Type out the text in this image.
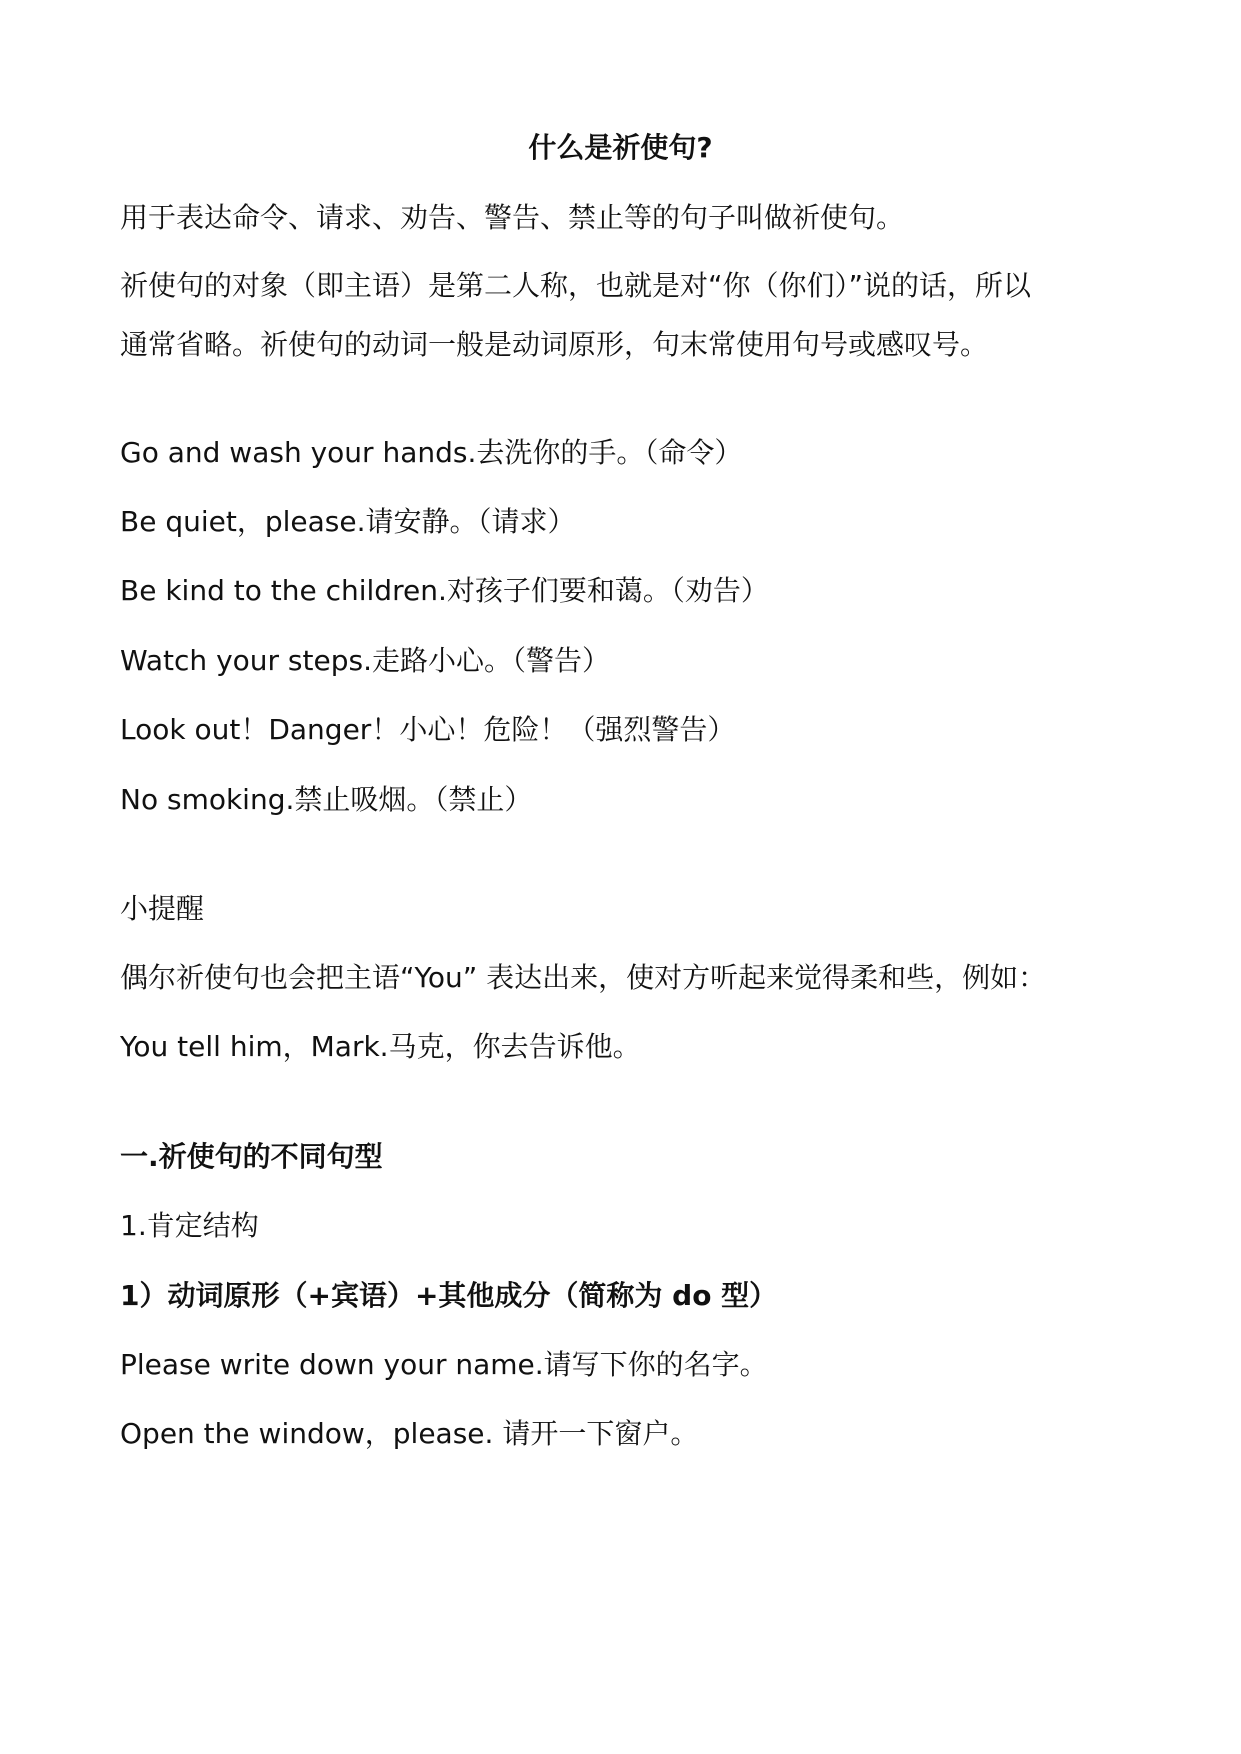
什么是祈使句?
用于表达命令、请求、劝告、警告、禁止等的句子叫做祈使句。
祈使句的对象（即主语）是第二人称，也就是对“你（你们）”说的话，所以
通常省略。祈使句的动词一般是动词原形，句末常使用句号或感叹号。
Go and wash your hands.去洗你的手。（命令）
Be quiet，please.请安静。（请求）
Be kind to the children.对孩子们要和蔼。（劝告）
Watch your steps.走路小心。（警告）
Look out！Danger！小心！危险！（强烈警告）
No smoking.禁止吸烟。（禁止）
小提醒
偶尔祈使句也会把主语“You” 表达出来，使对方听起来觉得柔和些，例如：
You tell him，Mark.马克，你去告诉他。
一.祈使句的不同句型
1.肯定结构
1）动词原形（+宾语）+其他成分（简称为 do 型）
Please write down your name.请写下你的名字。
Open the window，please. 请开一下窗户。
